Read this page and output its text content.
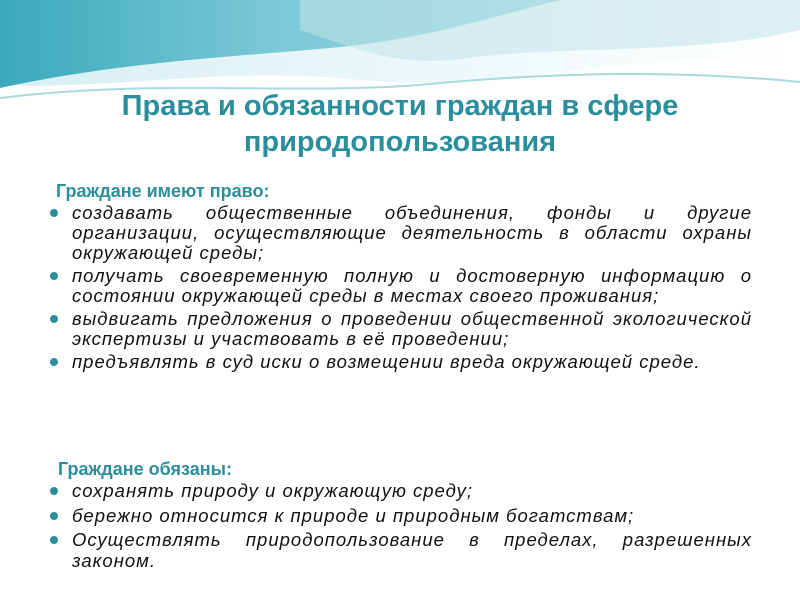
Права и обязанности граждан в сфере
природопользования

Граждане имеют право:

создавать общественные объединения, фонды и другие организации, осуществляющие деятельность в области охраны окружающей среды;
получать своевременную полную и достоверную информацию о состоянии окружающей среды в местах своего проживания;
выдвигать предложения о проведении общественной экологической экспертизы и участвовать в её проведении;
предъявлять в суд иски о возмещении вреда окружающей среде.

Граждане обязаны:

сохранять природу и окружающую среду;
бережно относится к природе и природным богатствам;
Осуществлять природопользование в пределах, разрешенных законом.
